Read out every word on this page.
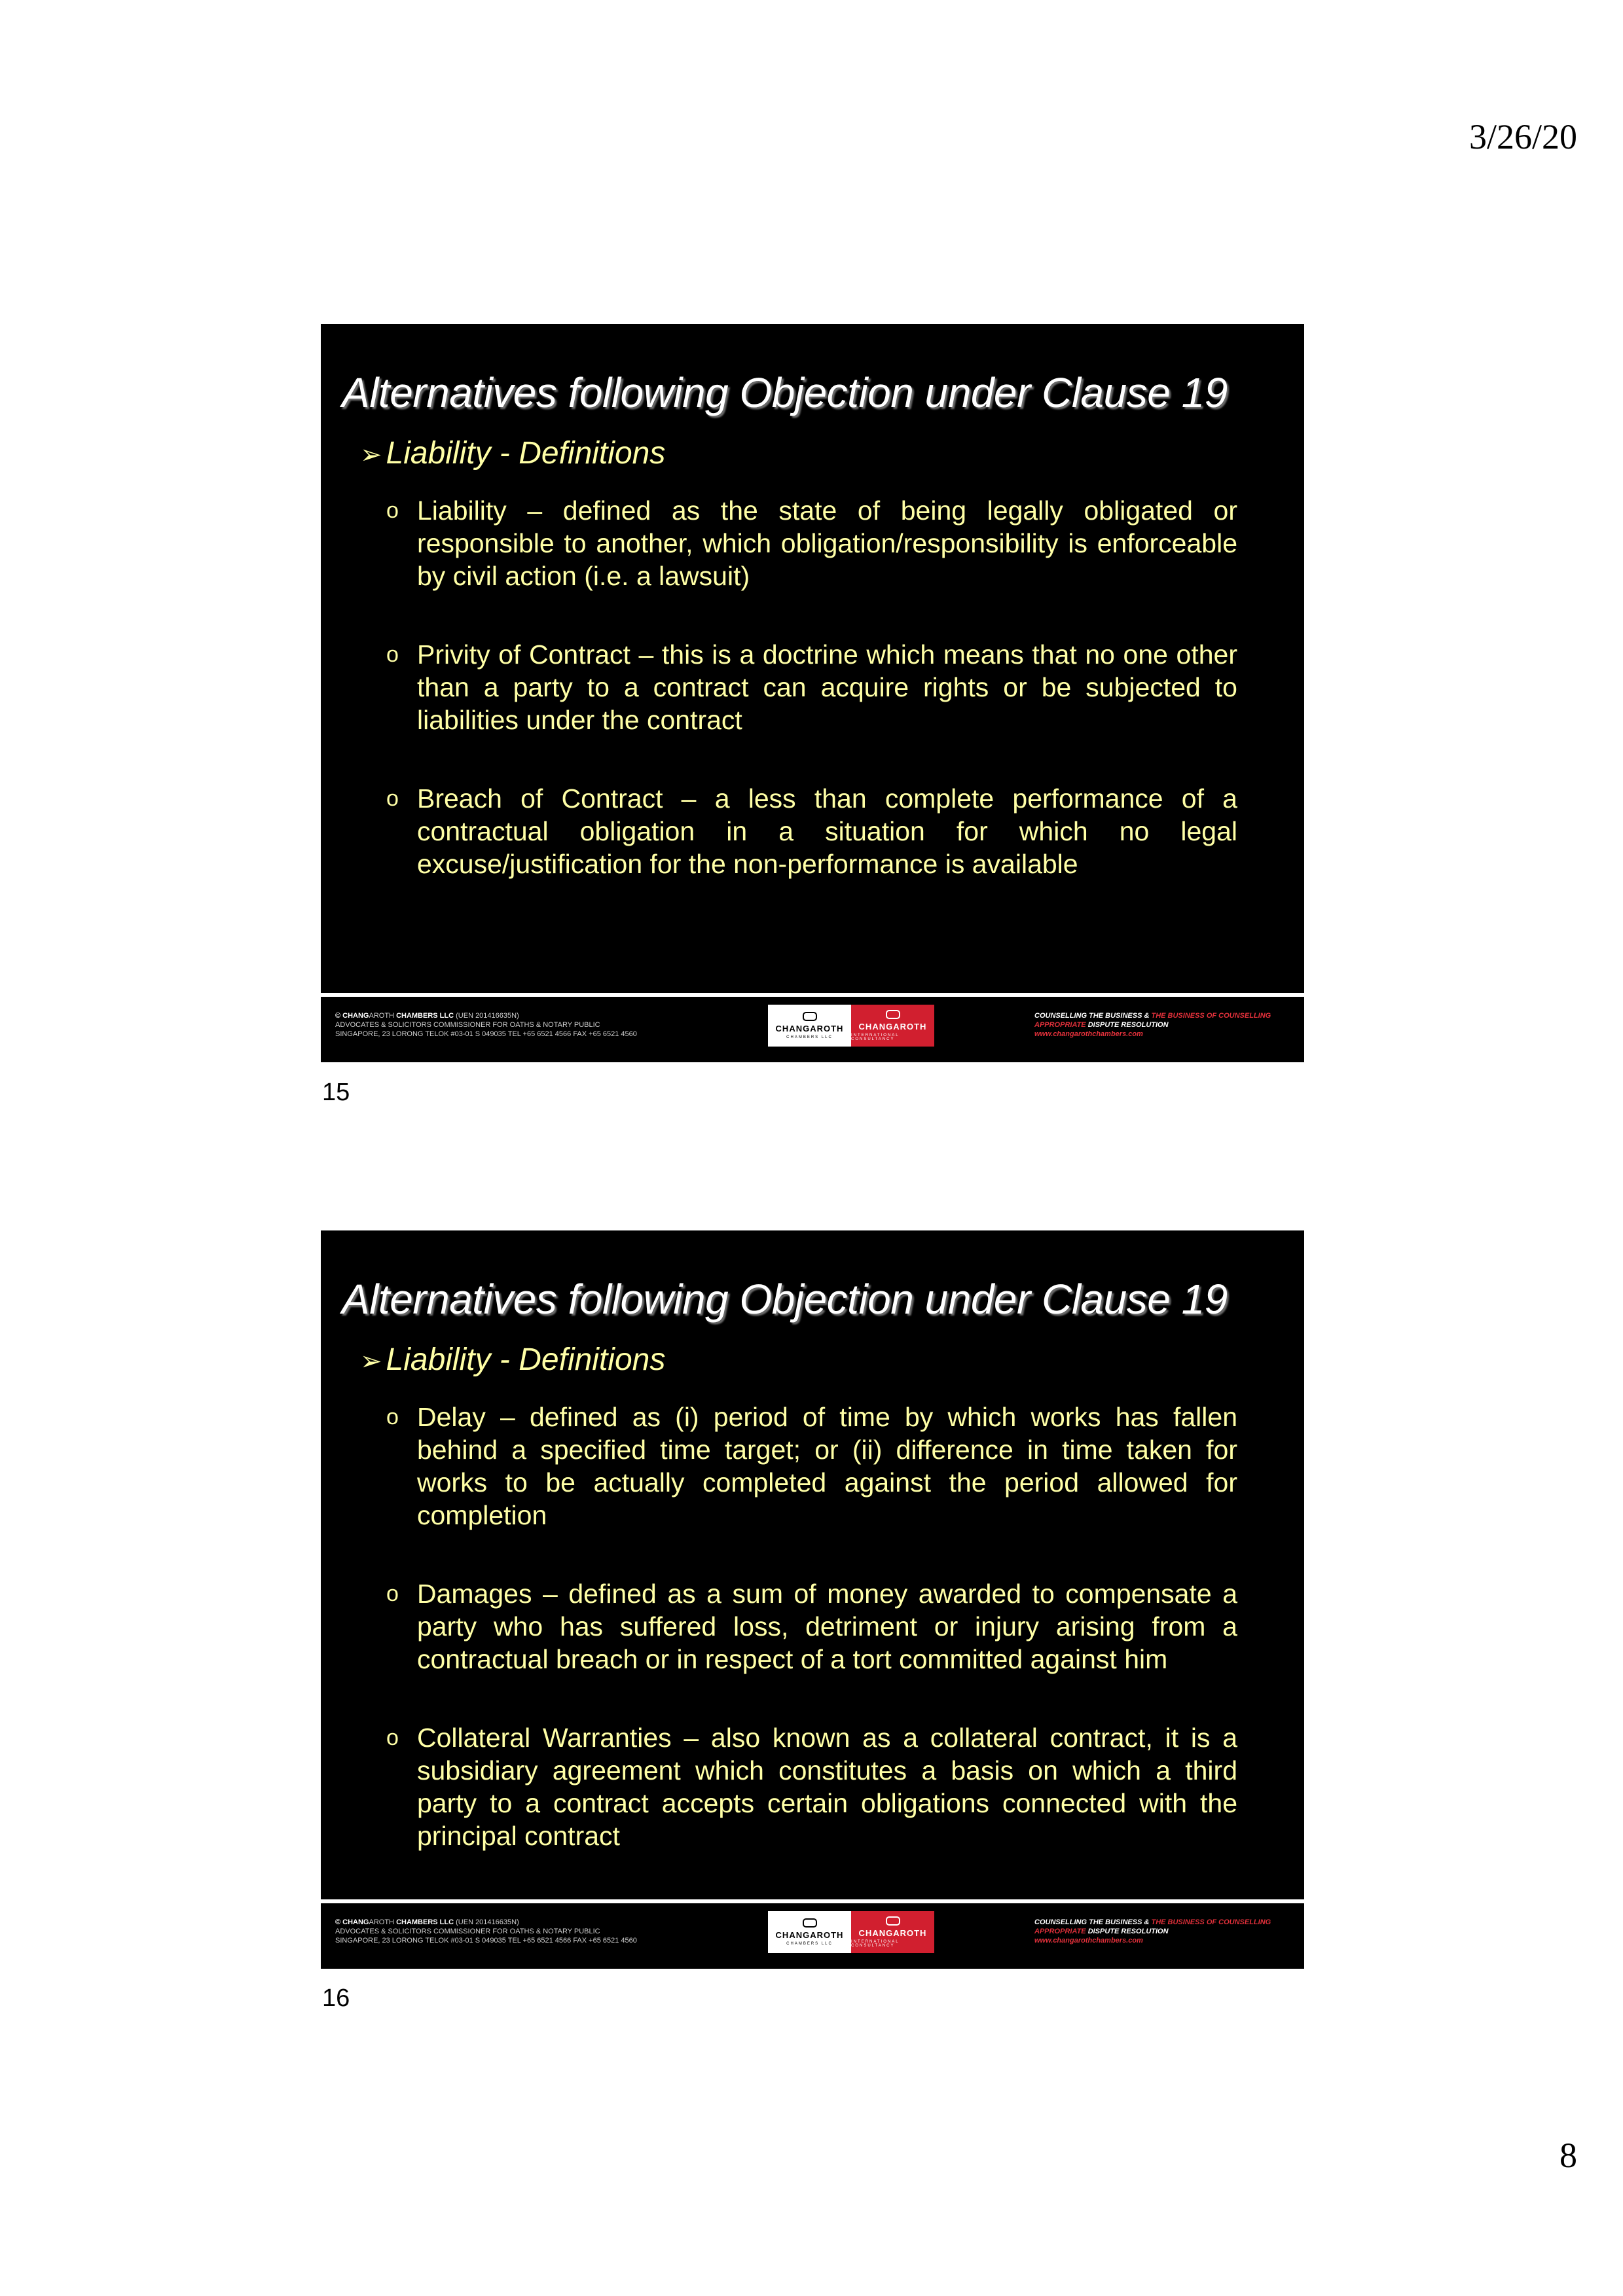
3/26/20
Alternatives following Objection under Clause 19
➢ Liability - Definitions
o Liability – defined as the state of being legally obligated or responsible to another, which obligation/responsibility is enforceable by civil action (i.e. a lawsuit)
o Privity of Contract – this is a doctrine which means that no one other than a party to a contract can acquire rights or be subjected to liabilities under the contract
o Breach of Contract – a less than complete performance of a contractual obligation in a situation for which no legal excuse/justification for the non-performance is available
© CHANGAROTH CHAMBERS LLC (UEN 201416635N)
ADVOCATES & SOLICITORS COMMISSIONER FOR OATHS & NOTARY PUBLIC
SINGAPORE, 23 LORONG TELOK #03-01 S 049035 TEL +65 6521 4566 FAX +65 6521 4560
CHANGAROTH
CHAMBERS LLC
CHANGAROTH
INTERNATIONAL CONSULTANCY
COUNSELLING THE BUSINESS & THE BUSINESS OF COUNSELLING
APPROPRIATE DISPUTE RESOLUTION
www.changarothchambers.com
15
Alternatives following Objection under Clause 19
➢ Liability - Definitions
o Delay – defined as (i) period of time by which works has fallen behind a specified time target; or (ii) difference in time taken for works to be actually completed against the period allowed for completion
o Damages – defined as a sum of money awarded to compensate a party who has suffered loss, detriment or injury arising from a contractual breach or in respect of a tort committed against him
o Collateral Warranties – also known as a collateral contract, it is a subsidiary agreement which constitutes a basis on which a third party to a contract accepts certain obligations connected with the principal contract
© CHANGAROTH CHAMBERS LLC (UEN 201416635N)
ADVOCATES & SOLICITORS COMMISSIONER FOR OATHS & NOTARY PUBLIC
SINGAPORE, 23 LORONG TELOK #03-01 S 049035 TEL +65 6521 4566 FAX +65 6521 4560
CHANGAROTH
CHAMBERS LLC
CHANGAROTH
INTERNATIONAL CONSULTANCY
COUNSELLING THE BUSINESS & THE BUSINESS OF COUNSELLING
APPROPRIATE DISPUTE RESOLUTION
www.changarothchambers.com
16
8
